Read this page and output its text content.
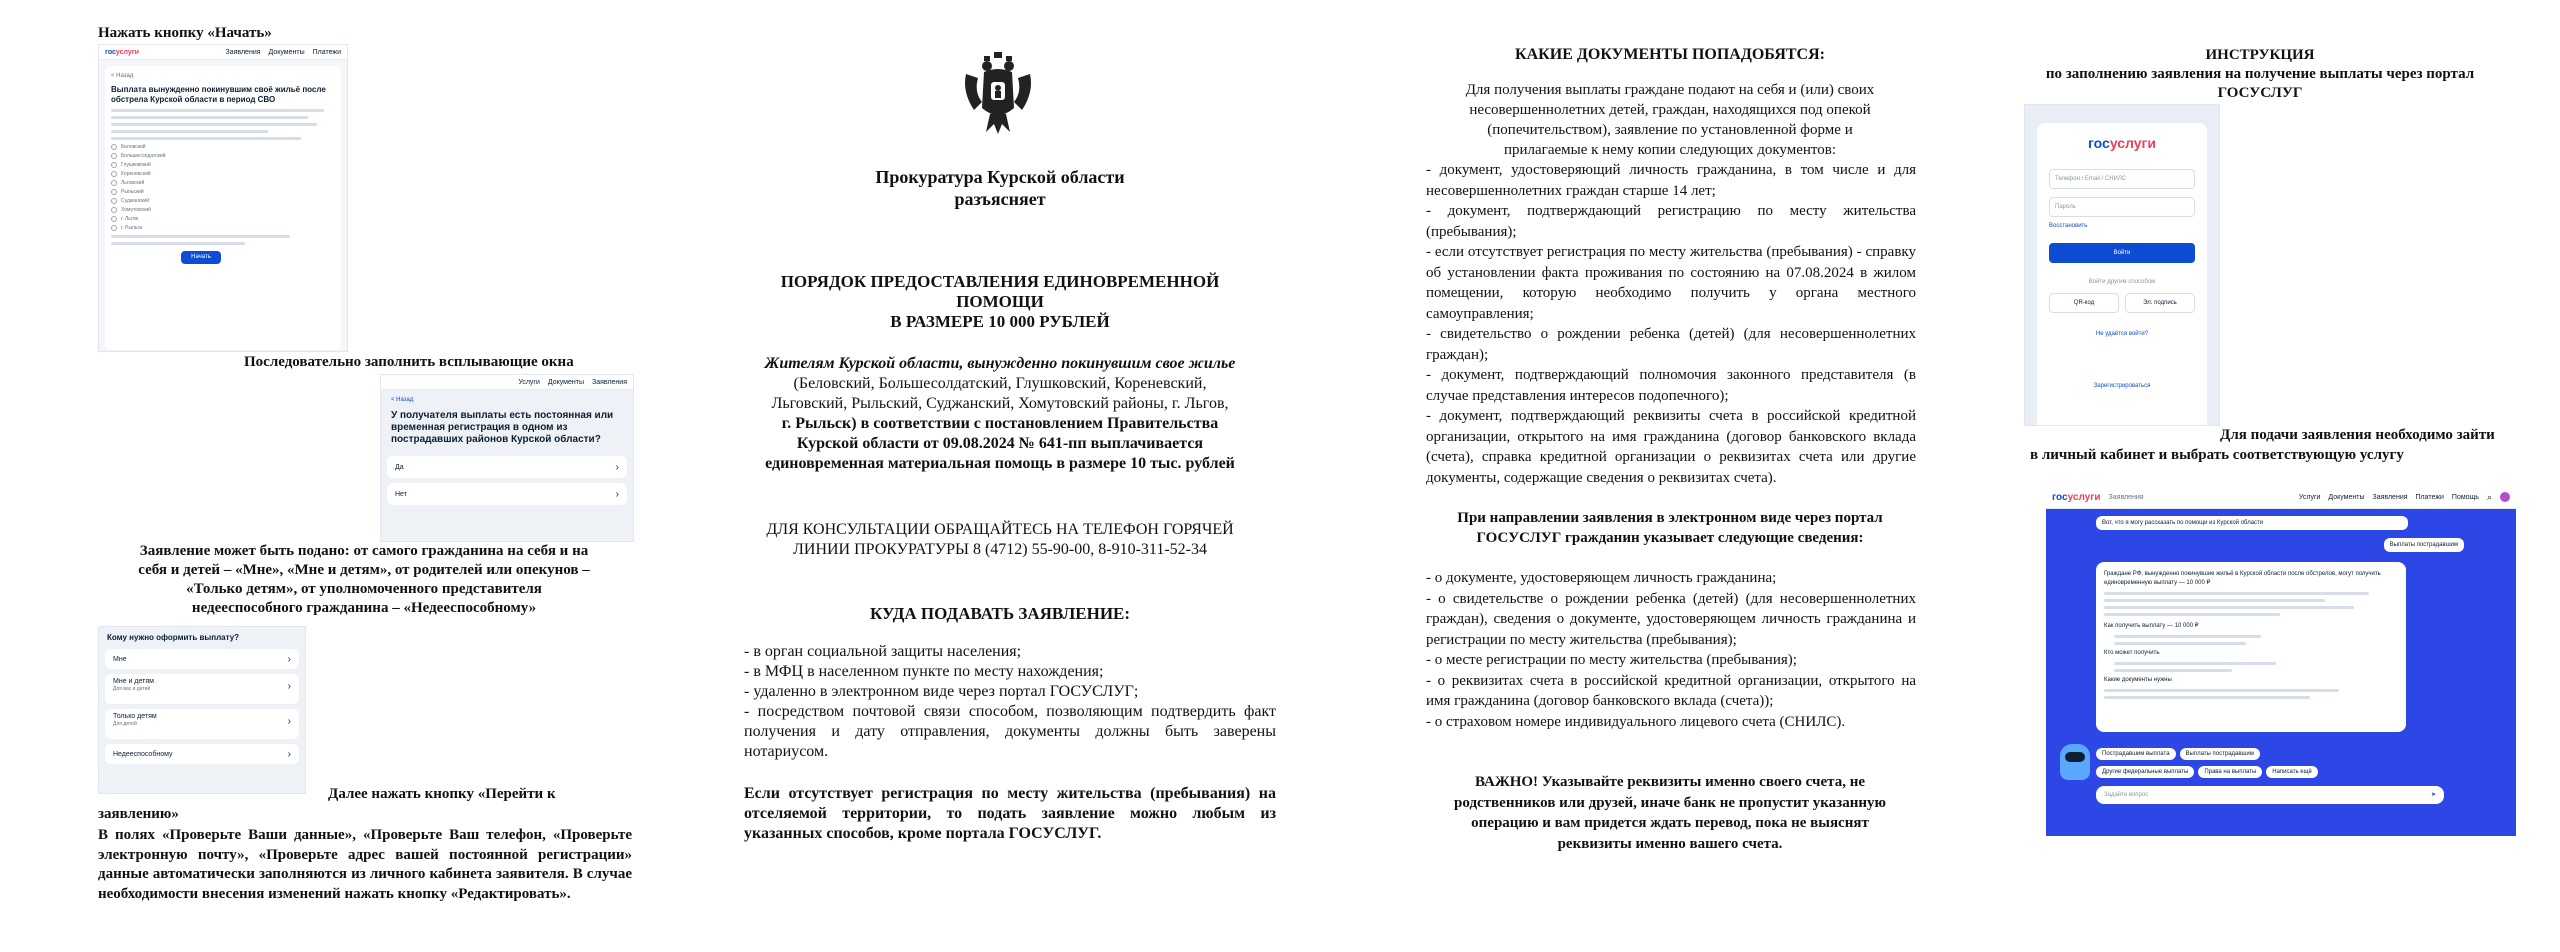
Нажать кнопку «Начать»
госуслуги	Заявления Документы Платежи
< Назад
Выплата вынужденно покинувшим своё жильё после обстрела Курской области в период СВО
Беловский
Большесолдатский
Глушковский
Кореневский
Льговский
Рыльский
Суджанский
Хомутовский
г. Льгов
г. Рыльск
Начать
Последовательно заполнить всплывающие окна
Услуги Документы Заявления
< Назад
У получателя выплаты есть постоянная или временная регистрация в одном из пострадавших районов Курской области?
Да	›
Нет	›
Заявление может быть подано: от самого гражданина на себя и на
себя и детей – «Мне», «Мне и детям», от родителей или опекунов –
«Только детям», от уполномоченного представителя
недееспособного гражданина – «Недееспособному»
Кому нужно оформить выплату?
Мне	›
Мне и детям
Для вас и детей	›
Только детям
Для детей	›
Недееспособному	›
Далее нажать кнопку «Перейти к
заявлению»

В полях «Проверьте Ваши данные», «Проверьте Ваш телефон, «Проверьте электронную почту», «Проверьте адрес вашей постоянной регистрации» данные автоматически заполняются из личного кабинета заявителя. В случае необходимости внесения изменений нажать кнопку «Редактировать».

Прокуратура Курской области
разъясняет
ПОРЯДОК ПРЕДОСТАВЛЕНИЯ ЕДИНОВРЕМЕННОЙ
ПОМОЩИ
В РАЗМЕРЕ 10 000 РУБЛЕЙ
Жителям Курской области, вынужденно покинувшим свое жилье
(Беловский, Большесолдатский, Глушковский, Кореневский,
Льговский, Рыльский, Суджанский, Хомутовский районы, г. Льгов,
г. Рыльск) в соответствии с постановлением Правительства
Курской области от 09.08.2024 № 641-пп выплачивается
единовременная материальная помощь в размере 10 тыс. рублей
ДЛЯ КОНСУЛЬТАЦИИ ОБРАЩАЙТЕСЬ НА ТЕЛЕФОН ГОРЯЧЕЙ
ЛИНИИ ПРОКУРАТУРЫ 8 (4712) 55-90-00, 8-910-311-52-34
КУДА ПОДАВАТЬ ЗАЯВЛЕНИЕ:

- в орган социальной защиты населения;

- в МФЦ в населенном пункте по месту нахождения;

- удаленно в электронном виде через портал ГОСУСЛУГ;

- посредством почтовой связи способом, позволяющим подтвердить факт получения и дату отправления, документы должны быть заверены нотариусом.

Если отсутствует регистрация по месту жительства (пребывания) на отселяемой территории, то подать заявление можно любым из указанных способов, кроме портала ГОСУСЛУГ.

КАКИЕ ДОКУМЕНТЫ ПОПАДОБЯТСЯ:
Для получения выплаты граждане подают на себя и (или) своих
несовершеннолетних детей, граждан, находящихся под опекой
(попечительством), заявление по установленной форме и
прилагаемые к нему копии следующих документов:

- документ, удостоверяющий личность гражданина, в том числе и для несовершеннолетних граждан старше 14 лет;

- документ, подтверждающий регистрацию по месту жительства (пребывания);

- если отсутствует регистрация по месту жительства (пребывания) - справку об установлении факта проживания по состоянию на 07.08.2024 в жилом помещении, которую необходимо получить у органа местного самоуправления;

- свидетельство о рождении ребенка (детей) (для несовершеннолетних граждан);

- документ, подтверждающий полномочия законного представителя (в случае представления интересов подопечного);

- документ, подтверждающий реквизиты счета в российской кредитной организации, открытого на имя гражданина (договор банковского вклада (счета), справка кредитной организации о реквизитах счета или другие документы, содержащие сведения о реквизитах счета).

При направлении заявления в электронном виде через портал
ГОСУСЛУГ гражданин указывает следующие сведения:

- о документе, удостоверяющем личность гражданина;

- о свидетельстве о рождении ребенка (детей) (для несовершеннолетних граждан), сведения о документе, удостоверяющем личность гражданина и регистрации по месту жительства (пребывания);

- о месте регистрации по месту жительства (пребывания);

- о реквизитах счета в российской кредитной организации, открытого на имя гражданина (договор банковского вклада (счета));

- о страховом номере индивидуального лицевого счета (СНИЛС).

ВАЖНО! Указывайте реквизиты именно своего счета, не
родственников или друзей, иначе банк не пропустит указанную
операцию и вам придется ждать перевод, пока не выяснят
реквизиты именно вашего счета.
ИНСТРУКЦИЯ
по заполнению заявления на получение выплаты через портал
ГОСУСЛУГ
госуслуги
Телефон / Email / СНИЛС
Пароль
Восстановить
Войти
Войти другим способом
QR-код	Эл. подпись
Не удаётся войти?
Зарегистрироваться
Для подачи заявления необходимо зайти
в личный кабинет и выбрать соответствующую услугу
госуслуги Заявления	Услуги Документы Заявления Платежи Помощь ⌕
Вот, что я могу рассказать по помощи из Курской области
Выплаты пострадавшим
Граждане РФ, вынужденно покинувшие жильё в Курской области после обстрелов, могут получить единовременную выплату — 10 000 ₽
Как получить выплату — 10 000 ₽
Кто может получить
Какие документы нужны
Пострадавшим выплата	Выплаты пострадавшим
Другие федеральные выплаты	Права на выплаты	Написать ещё
Задайте вопрос	➤
